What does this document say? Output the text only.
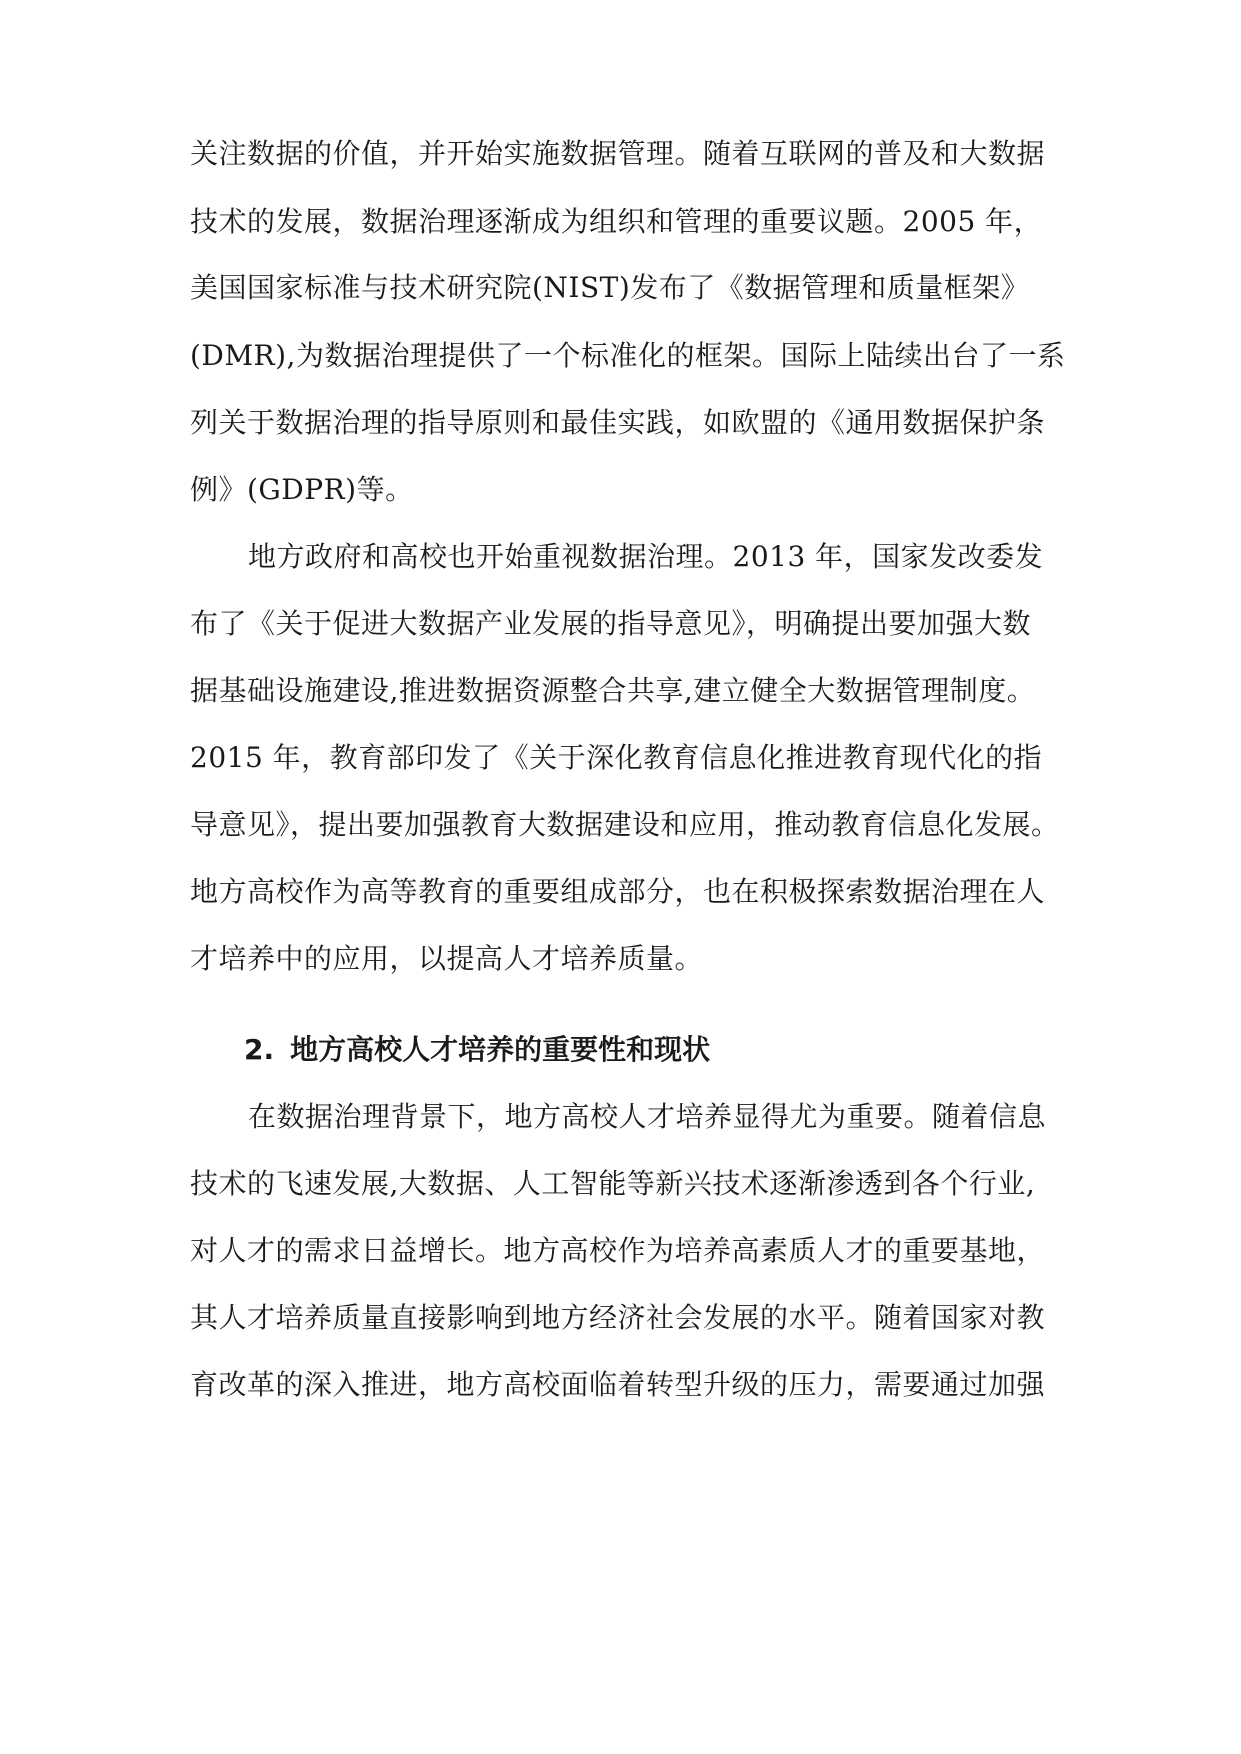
关注数据的价值，并开始实施数据管理。随着互联网的普及和大数据
技术的发展，数据治理逐渐成为组织和管理的重要议题。2005 年，
美国国家标准与技术研究院(NIST)发布了《数据管理和质量框架》
(DMR),为数据治理提供了一个标准化的框架。国际上陆续出台了一系
列关于数据治理的指导原则和最佳实践，如欧盟的《通用数据保护条
例》(GDPR)等。
地方政府和高校也开始重视数据治理。2013 年，国家发改委发
布了《关于促进大数据产业发展的指导意见》，明确提出要加强大数
据基础设施建设,推进数据资源整合共享,建立健全大数据管理制度。
2015 年，教育部印发了《关于深化教育信息化推进教育现代化的指
导意见》，提出要加强教育大数据建设和应用，推动教育信息化发展。
地方高校作为高等教育的重要组成部分，也在积极探索数据治理在人
才培养中的应用，以提高人才培养质量。
2. 地方高校人才培养的重要性和现状
在数据治理背景下，地方高校人才培养显得尤为重要。随着信息
技术的飞速发展,大数据、人工智能等新兴技术逐渐渗透到各个行业,
对人才的需求日益增长。地方高校作为培养高素质人才的重要基地，
其人才培养质量直接影响到地方经济社会发展的水平。随着国家对教
育改革的深入推进，地方高校面临着转型升级的压力，需要通过加强
